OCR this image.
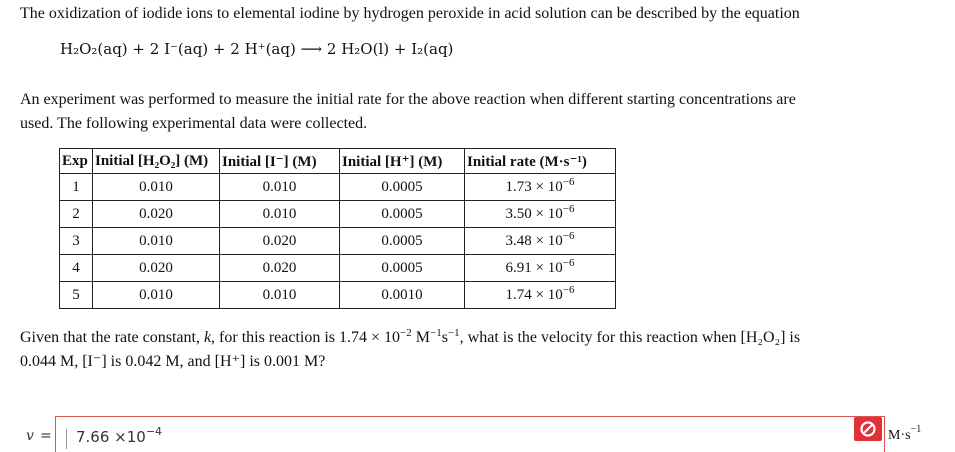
The oxidization of iodide ions to elemental iodine by hydrogen peroxide in acid solution can be described by the equation
H₂O₂(aq) + 2 I⁻(aq) + 2 H⁺(aq) ⟶ 2 H₂O(l) + I₂(aq)
An experiment was performed to measure the initial rate for the above reaction when different starting concentrations are
used. The following experimental data were collected.
Exp	Initial [H₂O₂] (M)	Initial [I⁻] (M)	Initial [H⁺] (M)	Initial rate (M·s⁻¹)
1	0.010	0.010	0.0005	$1.73 \times 10^{-6}$
2	0.020	0.010	0.0005	$3.50 \times 10^{-6}$
3	0.010	0.020	0.0005	$3.48 \times 10^{-6}$
4	0.020	0.020	0.0005	$6.91 \times 10^{-6}$
5	0.010	0.010	0.0010	$1.74 \times 10^{-6}$
Given that the rate constant, k, for this reaction is $1.74 \times 10^{-2}$ $M^{-1}s^{-1}$, what is the velocity for this reaction when [H₂O₂] is
0.044 M, [I⁻] is 0.042 M, and [H⁺] is 0.001 M?
$v = 7.66 \times 10^{-4}$	$M\cdot s^{-1}$
